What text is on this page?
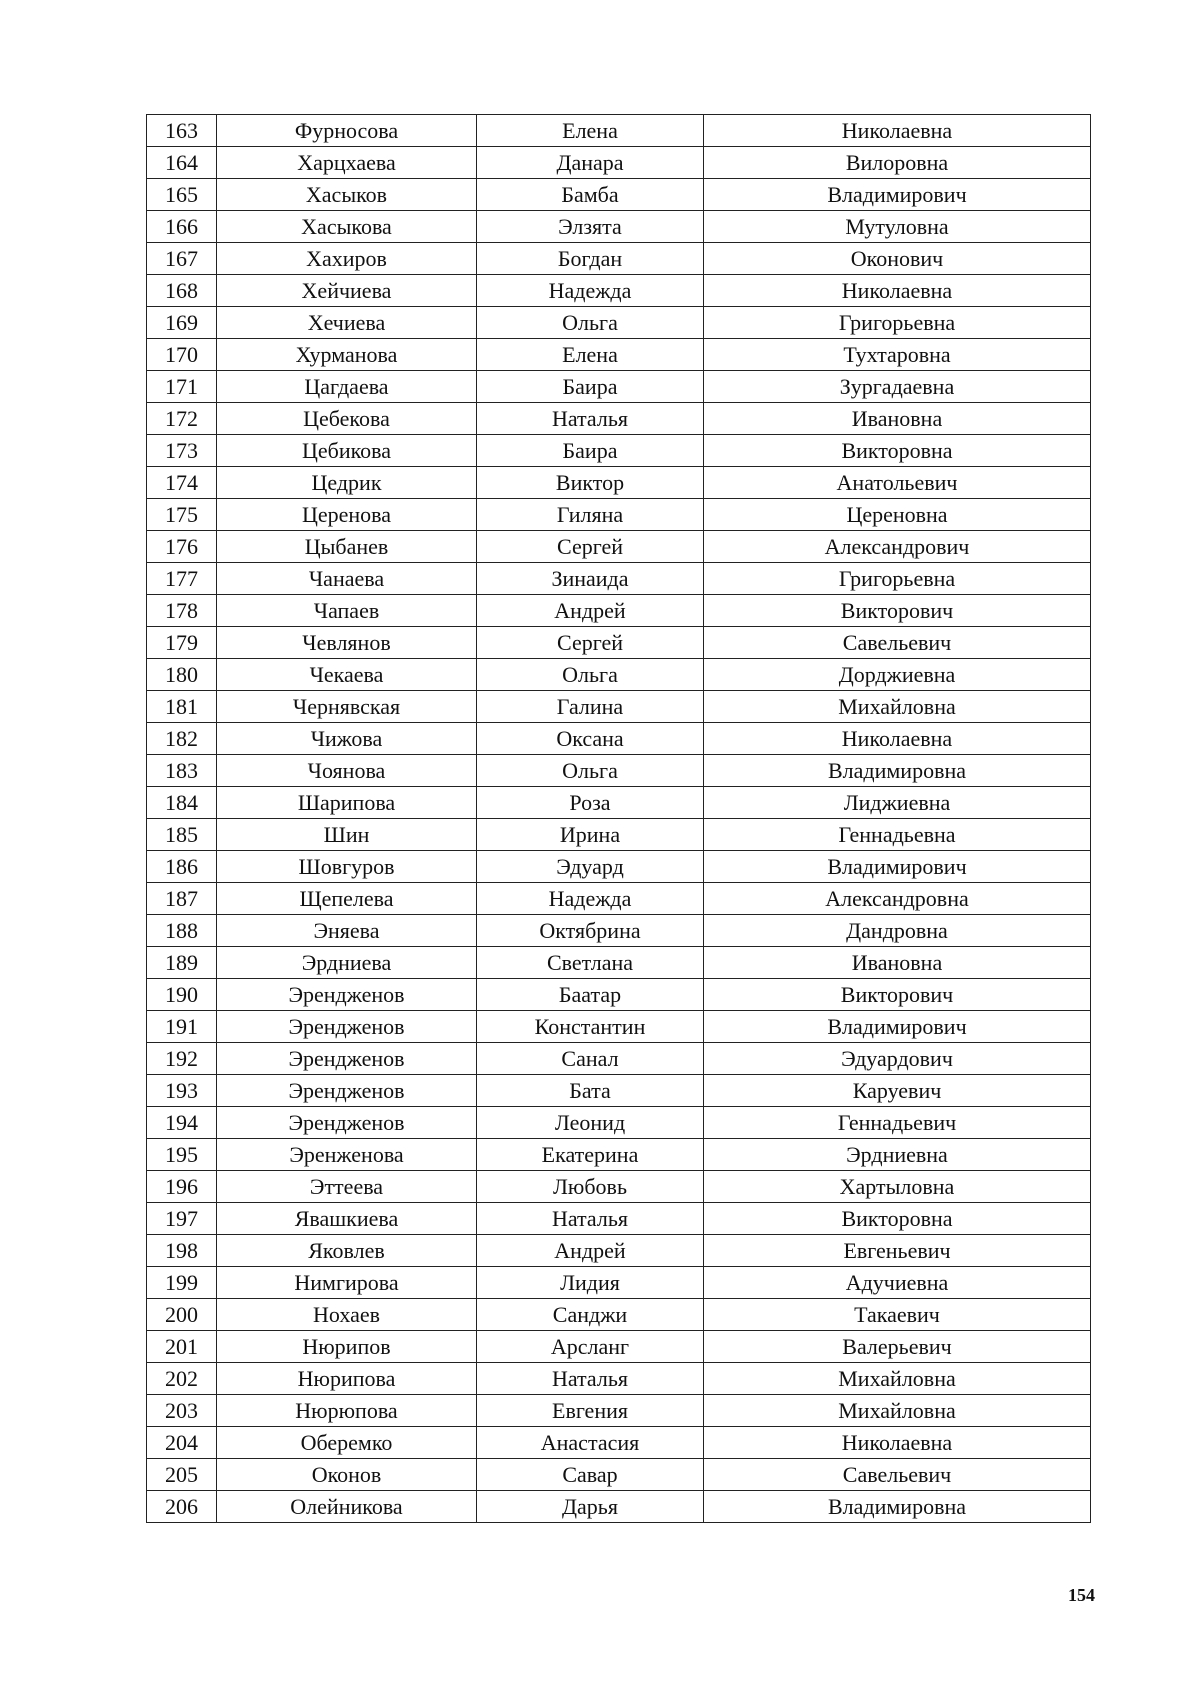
163	Фурносова	Елена	Николаевна
164	Харцхаева	Данара	Вилоровна
165	Хасыков	Бамба	Владимирович
166	Хасыкова	Элзята	Мутуловна
167	Хахиров	Богдан	Оконович
168	Хейчиева	Надежда	Николаевна
169	Хечиева	Ольга	Григорьевна
170	Хурманова	Елена	Тухтаровна
171	Цагдаева	Баира	Зургадаевна
172	Цебекова	Наталья	Ивановна
173	Цебикова	Баира	Викторовна
174	Цедрик	Виктор	Анатольевич
175	Церенова	Гиляна	Цереновна
176	Цыбанев	Сергей	Александрович
177	Чанаева	Зинаида	Григорьевна
178	Чапаев	Андрей	Викторович
179	Чевлянов	Сергей	Савельевич
180	Чекаева	Ольга	Дорджиевна
181	Чернявская	Галина	Михайловна
182	Чижова	Оксана	Николаевна
183	Чоянова	Ольга	Владимировна
184	Шарипова	Роза	Лиджиевна
185	Шин	Ирина	Геннадьевна
186	Шовгуров	Эдуард	Владимирович
187	Щепелева	Надежда	Александровна
188	Эняева	Октябрина	Дандровна
189	Эрдниева	Светлана	Ивановна
190	Эрендженов	Баатар	Викторович
191	Эрендженов	Константин	Владимирович
192	Эрендженов	Санал	Эдуардович
193	Эрендженов	Бата	Каруевич
194	Эрендженов	Леонид	Геннадьевич
195	Эренженова	Екатерина	Эрдниевна
196	Эттеева	Любовь	Хартыловна
197	Явашкиева	Наталья	Викторовна
198	Яковлев	Андрей	Евгеньевич
199	Нимгирова	Лидия	Адучиевна
200	Нохаев	Санджи	Такаевич
201	Нюрипов	Арсланг	Валерьевич
202	Нюрипова	Наталья	Михайловна
203	Нюрюпова	Евгения	Михайловна
204	Оберемко	Анастасия	Николаевна
205	Оконов	Савар	Савельевич
206	Олейникова	Дарья	Владимировна
154
